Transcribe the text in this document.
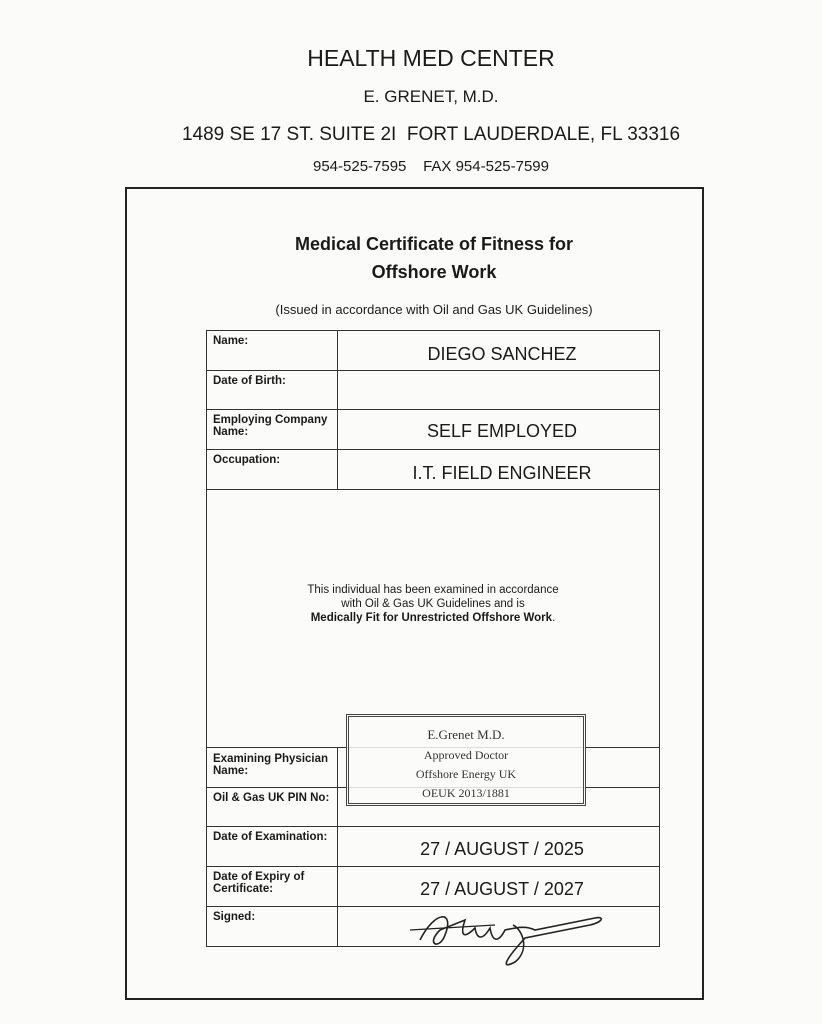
HEALTH MED CENTER
E. GRENET, M.D.
1489 SE 17 ST. SUITE 2I  FORT LAUDERDALE, FL 33316
954-525-7595    FAX 954-525-7599
Medical Certificate of Fitness for
Offshore Work
(Issued in accordance with Oil and Gas UK Guidelines)
Name:
DIEGO SANCHEZ
Date of Birth:
Employing Company Name:	SELF EMPLOYED
Occupation:
I.T. FIELD ENGINEER
This individual has been examined in accordance
with Oil & Gas UK Guidelines and is
Medically Fit for Unrestricted Offshore Work.
Examining Physician Name:
Oil & Gas UK PIN No:
Date of Examination:
27 / AUGUST / 2025
Date of Expiry of Certificate:	27 / AUGUST / 2027
Signed:
E.Grenet M.D.
Approved Doctor
Offshore Energy UK
OEUK 2013/1881
